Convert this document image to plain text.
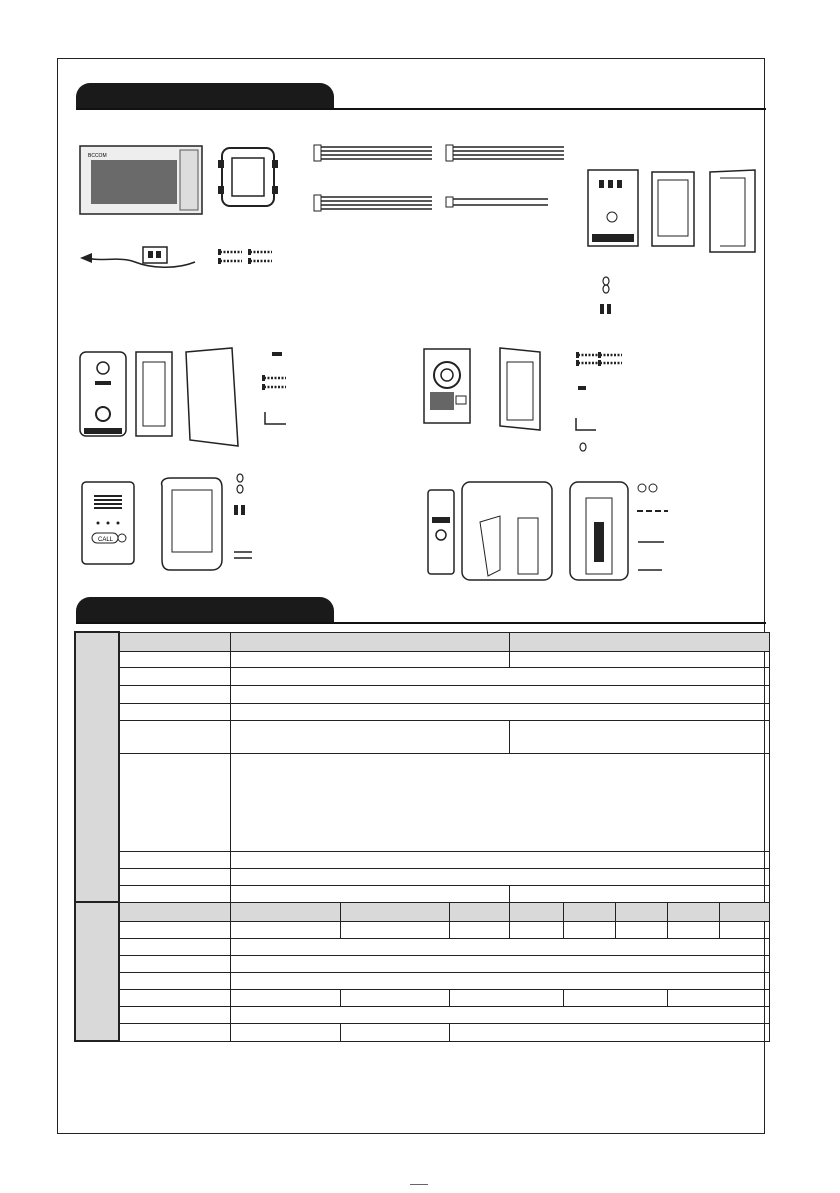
BCCOM
CALL
